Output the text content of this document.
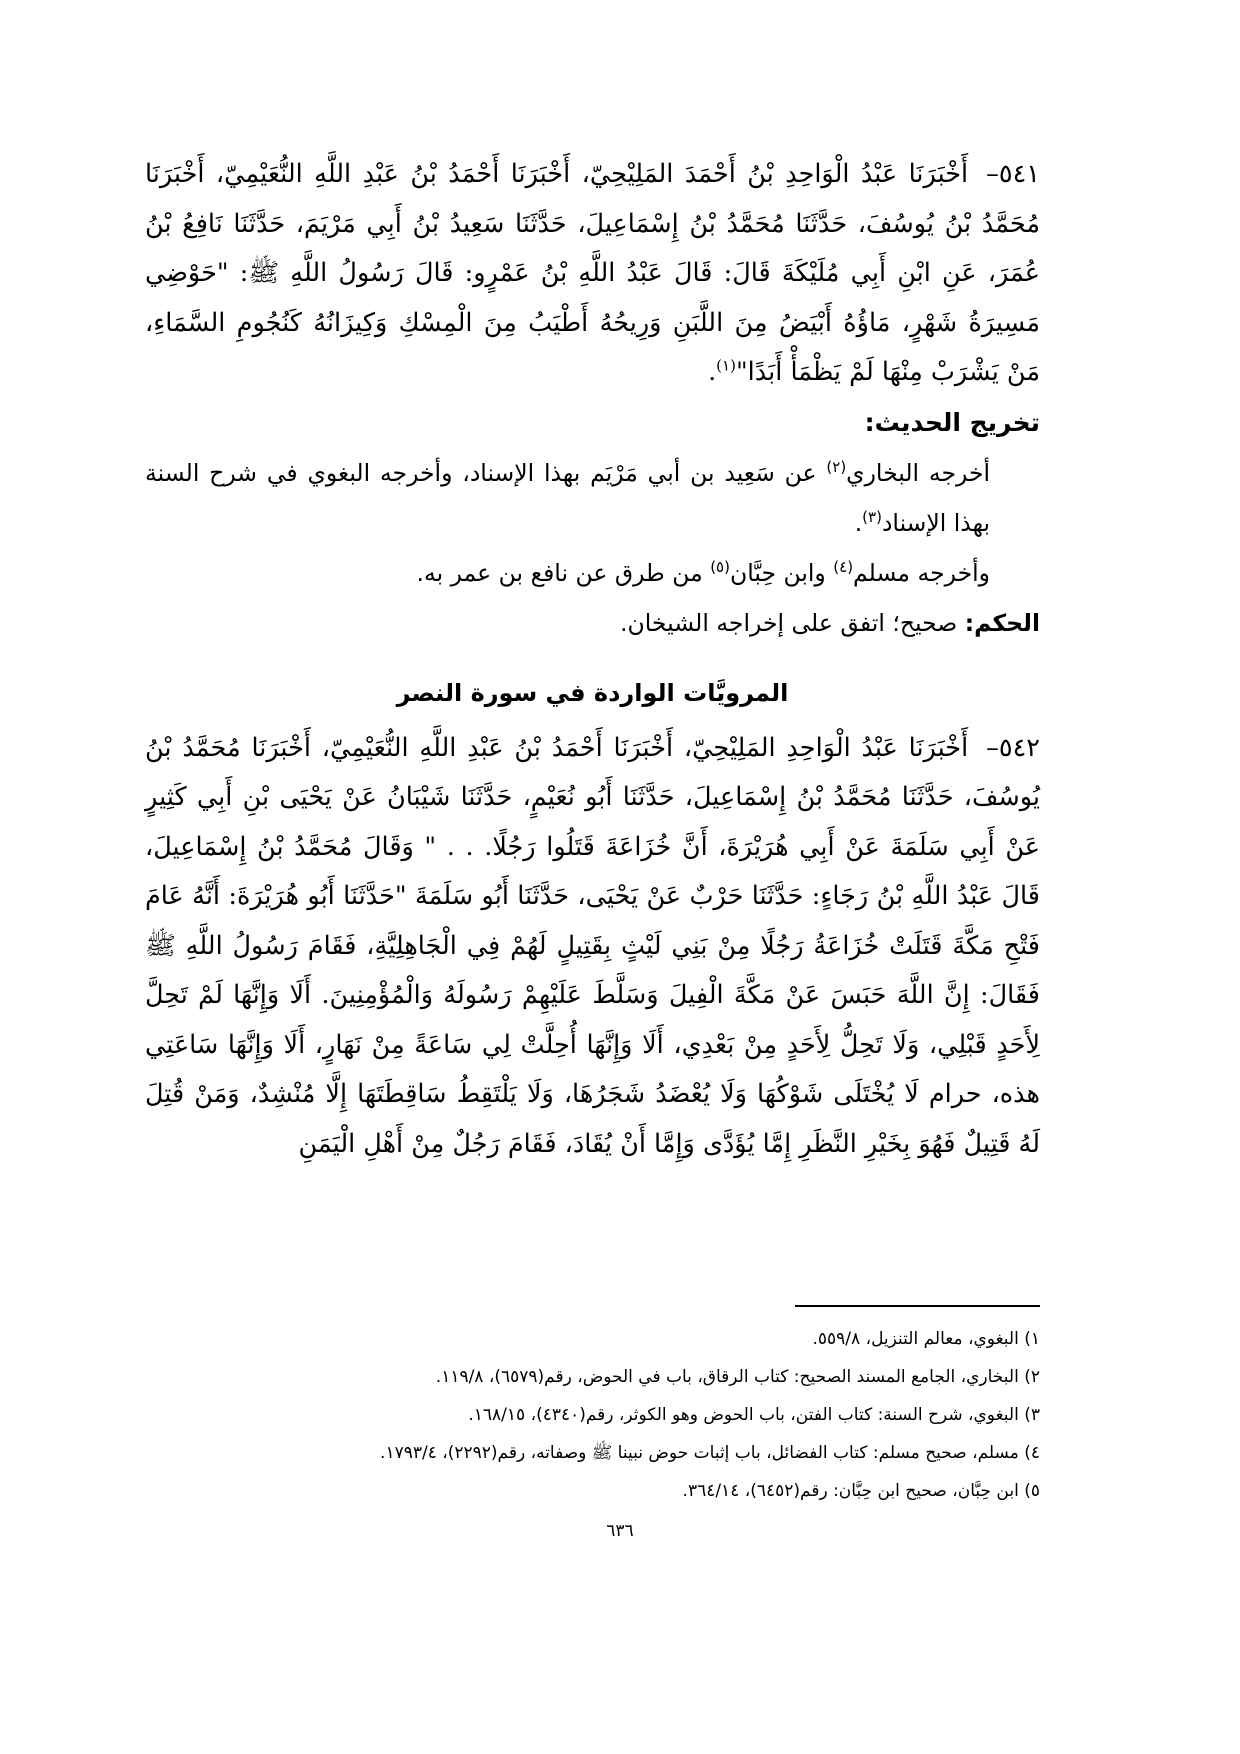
٥٤١–أَخْبَرَنَا عَبْدُ الْوَاحِدِ بْنُ أَحْمَدَ المَلِيْحِيّ، أَخْبَرَنَا أَحْمَدُ بْنُ عَبْدِ اللَّهِ النُّعَيْمِيّ، أَخْبَرَنَا مُحَمَّدُ بْنُ يُوسُفَ، حَدَّثَنَا مُحَمَّدُ بْنُ إِسْمَاعِيلَ، حَدَّثَنَا سَعِيدُ بْنُ أَبِي مَرْيَمَ، حَدَّثَنَا نَافِعُ بْنُ عُمَرَ، عَنِ ابْنِ أَبِي مُلَيْكَةَ قَالَ: قَالَ عَبْدُ اللَّهِ بْنُ عَمْرٍو: قَالَ رَسُولُ اللَّهِ ﷺ: "حَوْضِي مَسِيرَةُ شَهْرٍ، مَاؤُهُ أَبْيَضُ مِنَ اللَّبَنِ وَرِيحُهُ أَطْيَبُ مِنَ الْمِسْكِ وَكِيزَانُهُ كَنُجُومِ السَّمَاءِ، مَنْ يَشْرَبْ مِنْهَا لَمْ يَظْمَأْ أَبَدًا"$^{(١)}$.

تخريج الحديث:

أخرجه البخاري$^{(٢)}$ عن سَعِيد بن أبي مَرْيَم بهذا الإسناد، وأخرجه البغوي في شرح السنة بهذا الإسناد$^{(٣)}$.

وأخرجه مسلم$^{(٤)}$ وابن حِبَّان$^{(٥)}$ من طرق عن نافع بن عمر به.

الحكم: صحيح؛ اتفق على إخراجه الشيخان.

المرويَّات الواردة في سورة النصر

٥٤٢–أَخْبَرَنَا عَبْدُ الْوَاحِدِ المَلِيْحِيّ، أَخْبَرَنَا أَحْمَدُ بْنُ عَبْدِ اللَّهِ النُّعَيْمِيّ، أَخْبَرَنَا مُحَمَّدُ بْنُ يُوسُفَ، حَدَّثَنَا مُحَمَّدُ بْنُ إِسْمَاعِيلَ، حَدَّثَنَا أَبُو نُعَيْمٍ، حَدَّثَنَا شَيْبَانُ عَنْ يَحْيَى بْنِ أَبِي كَثِيرٍ عَنْ أَبِي سَلَمَةَ عَنْ أَبِي هُرَيْرَةَ، أَنَّ خُزَاعَةَ قَتَلُوا رَجُلًا. . . " وَقَالَ مُحَمَّدُ بْنُ إِسْمَاعِيلَ، قَالَ عَبْدُ اللَّهِ بْنُ رَجَاءٍ: حَدَّثَنَا حَرْبٌ عَنْ يَحْيَى، حَدَّثَنَا أَبُو سَلَمَةَ "حَدَّثَنَا أَبُو هُرَيْرَةَ: أَنَّهُ عَامَ فَتْحِ مَكَّةَ قَتَلَتْ خُزَاعَةُ رَجُلًا مِنْ بَنِي لَيْثٍ بِقَتِيلٍ لَهُمْ فِي الْجَاهِلِيَّةِ، فَقَامَ رَسُولُ اللَّهِ ﷺ فَقَالَ: إِنَّ اللَّهَ حَبَسَ عَنْ مَكَّةَ الْفِيلَ وَسَلَّطَ عَلَيْهِمْ رَسُولَهُ وَالْمُؤْمِنِينَ. أَلَا وَإِنَّهَا لَمْ تَحِلَّ لِأَحَدٍ قَبْلِي، وَلَا تَحِلُّ لِأَحَدٍ مِنْ بَعْدِي، أَلَا وَإِنَّهَا أُحِلَّتْ لِي سَاعَةً مِنْ نَهَارٍ، أَلَا وَإِنَّهَا سَاعَتِي هذه، حرام لَا يُخْتَلَى شَوْكُهَا وَلَا يُعْضَدُ شَجَرُهَا، وَلَا يَلْتَقِطُ سَاقِطَتَهَا إِلَّا مُنْشِدٌ، وَمَنْ قُتِلَ لَهُ قَتِيلٌ فَهُوَ بِخَيْرِ النَّظَرِ إِمَّا يُؤَدَّى وَإِمَّا أَنْ يُقَادَ، فَقَامَ رَجُلٌ مِنْ أَهْلِ الْيَمَنِ

١) البغوي، معالم التنزيل، ٥٥٩/٨.
٢) البخاري، الجامع المسند الصحيح: كتاب الرقاق، باب في الحوض، رقم(٦٥٧٩)، ١١٩/٨.
٣) البغوي، شرح السنة: كتاب الفتن، باب الحوض وهو الكوثر، رقم(٤٣٤٠)، ١٦٨/١٥.
٤) مسلم، صحيح مسلم: كتاب الفضائل، باب إثبات حوض نبينا ﷺ وصفاته، رقم(٢٢٩٢)، ١٧٩٣/٤.
٥) ابن حِبَّان، صحيح ابن حِبَّان: رقم(٦٤٥٢)، ٣٦٤/١٤.
٦٣٦
